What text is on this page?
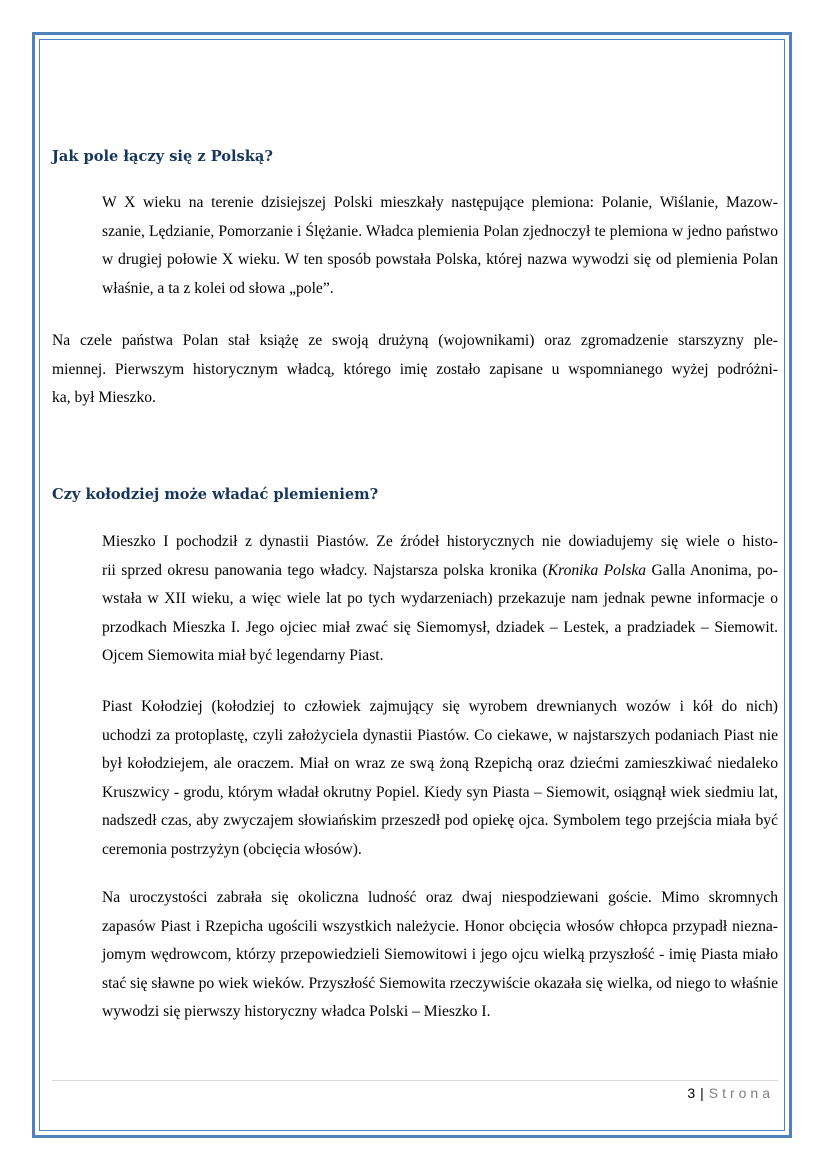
Jak pole łączy się z Polską?

W X wieku na terenie dzisiejszej Polski mieszkały następujące plemiona: Polanie, Wiślanie, Mazow-
szanie, Lędzianie, Pomorzanie i Ślężanie. Władca plemienia Polan zjednoczył te plemiona w jedno państwo
w drugiej połowie X wieku. W ten sposób powstała Polska, której nazwa wywodzi się od plemienia Polan
właśnie, a ta z kolei od słowa „pole”.

Na czele państwa Polan stał książę ze swoją drużyną (wojownikami) oraz zgromadzenie starszyzny ple-
miennej. Pierwszym historycznym władcą, którego imię zostało zapisane u wspomnianego wyżej podróżni-
ka, był Mieszko.

Czy kołodziej może władać plemieniem?

Mieszko I pochodził z dynastii Piastów. Ze źródeł historycznych nie dowiadujemy się wiele o histo-
rii sprzed okresu panowania tego władcy. Najstarsza polska kronika (Kronika Polska Galla Anonima, po-
wstała w XII wieku, a więc wiele lat po tych wydarzeniach) przekazuje nam jednak pewne informacje o
przodkach Mieszka I. Jego ojciec miał zwać się Siemomysł, dziadek – Lestek, a pradziadek – Siemowit.
Ojcem Siemowita miał być legendarny Piast.

Piast Kołodziej (kołodziej to człowiek zajmujący się wyrobem drewnianych wozów i kół do nich)
uchodzi za protoplastę, czyli założyciela dynastii Piastów. Co ciekawe, w najstarszych podaniach Piast nie
był kołodziejem, ale oraczem. Miał on wraz ze swą żoną Rzepichą oraz dziećmi zamieszkiwać niedaleko
Kruszwicy - grodu, którym władał okrutny Popiel. Kiedy syn Piasta – Siemowit, osiągnął wiek siedmiu lat,
nadszedł czas, aby zwyczajem słowiańskim przeszedł pod opiekę ojca. Symbolem tego przejścia miała być
ceremonia postrzyżyn (obcięcia włosów).

Na uroczystości zabrała się okoliczna ludność oraz dwaj niespodziewani goście. Mimo skromnych
zapasów Piast i Rzepicha ugościli wszystkich należycie. Honor obcięcia włosów chłopca przypadł niezna-
jomym wędrowcom, którzy przepowiedzieli Siemowitowi i jego ojcu wielką przyszłość - imię Piasta miało
stać się sławne po wiek wieków. Przyszłość Siemowita rzeczywiście okazała się wielka, od niego to właśnie
wywodzi się pierwszy historyczny władca Polski – Mieszko I.

3 | Strona
